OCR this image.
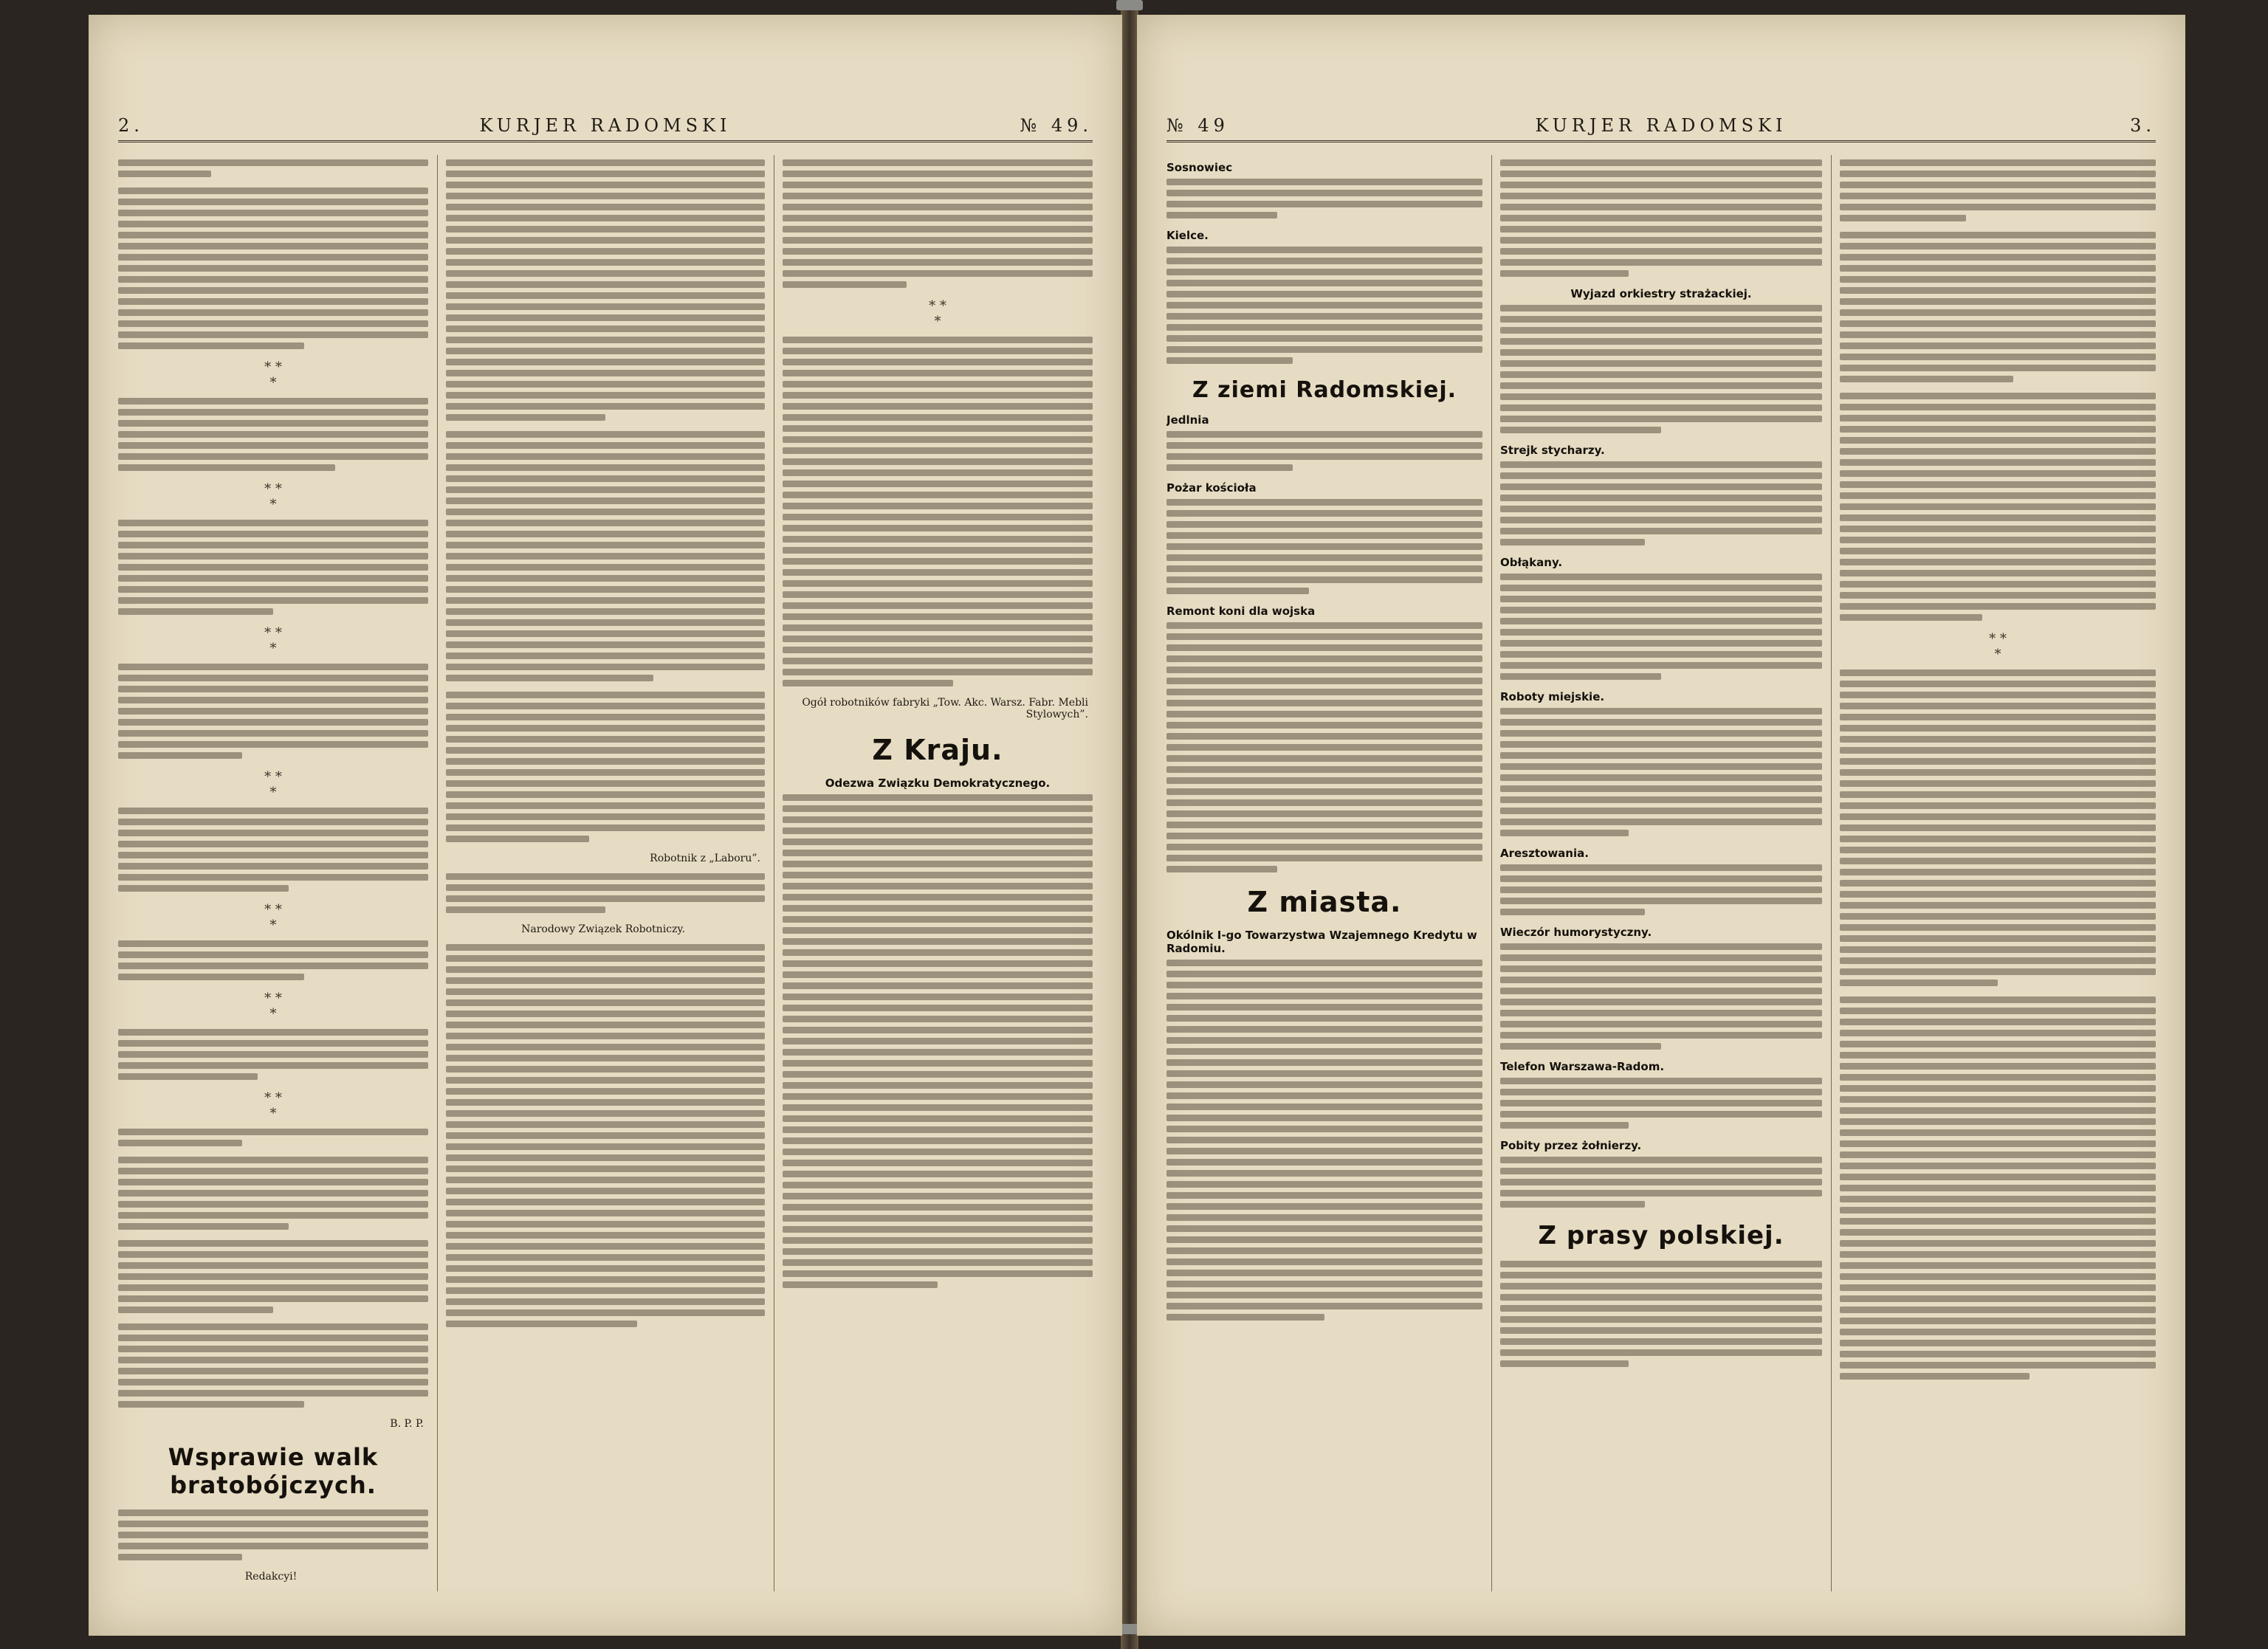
2.	KURJER RADOMSKI	№ 49.
* *
*
* *
*
* *
*
* *
*
* *
*
* *
*
* *
*
B. P. P.
Wsprawie walk bratobójczych.
Redakcyi!
Robotnik z „Laboru”.
Narodowy Związek Robotniczy.
* *
*
Ogół robotników fabryki „Tow. Akc. Warsz. Fabr. Mebli Stylowych”.
Z Kraju.
Odezwa Związku Demokratycznego.
№ 49	KURJER RADOMSKI	3.
Sosnowiec
Kielce.
Z ziemi Radomskiej.
Jedlnia
Pożar kościoła
Remont koni dla wojska
Z miasta.
Okólnik I-go Towarzystwa Wzajemnego Kredytu w Radomiu.
Wyjazd orkiestry strażackiej.
Strejk stycharzy.
Obłąkany.
Roboty miejskie.
Aresztowania.
Wieczór humorystyczny.
Telefon Warszawa-Radom.
Pobity przez żołnierzy.
Z prasy polskiej.
* *
*
